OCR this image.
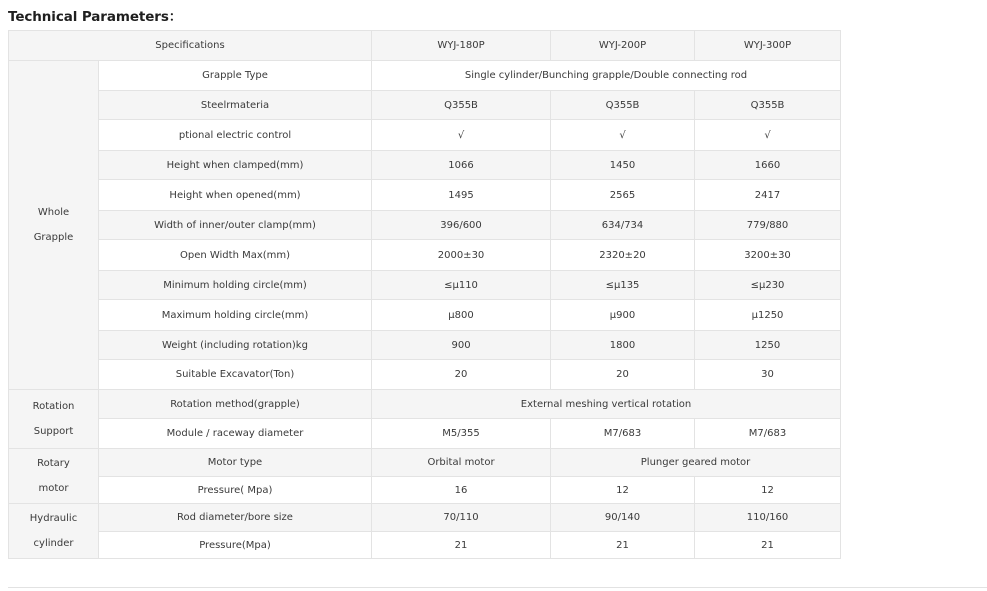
Technical Parameters：
Specifications		WYJ-180P	WYJ-200P	WYJ-300P
Whole
Grapple	Grapple Type	Single cylinder/Bunching grapple/Double connecting rod		
	Steelrmateria	Q355B	Q355B	Q355B
	ptional electric control	√	√	√
	Height when clamped(mm)	1066	1450	1660
	Height when opened(mm)	1495	2565	2417
	Width of inner/outer clamp(mm)	396/600	634/734	779/880
	Open Width Max(mm)	2000±30	2320±20	3200±30
	Minimum holding circle(mm)	≤µ110	≤µ135	≤µ230
	Maximum holding circle(mm)	µ800	µ900	µ1250
	Weight (including rotation)kg	900	1800	1250
	Suitable Excavator(Ton)	20	20	30
Rotation
Support	Rotation method(grapple)	External meshing vertical rotation		
	Module / raceway diameter	M5/355	M7/683	M7/683
Rotary
motor	Motor type	Orbital motor	Plunger geared motor	
	Pressure( Mpa)	16	12	12
Hydraulic
cylinder	Rod diameter/bore size	70/110	90/140	110/160
	Pressure(Mpa)	21	21	21
